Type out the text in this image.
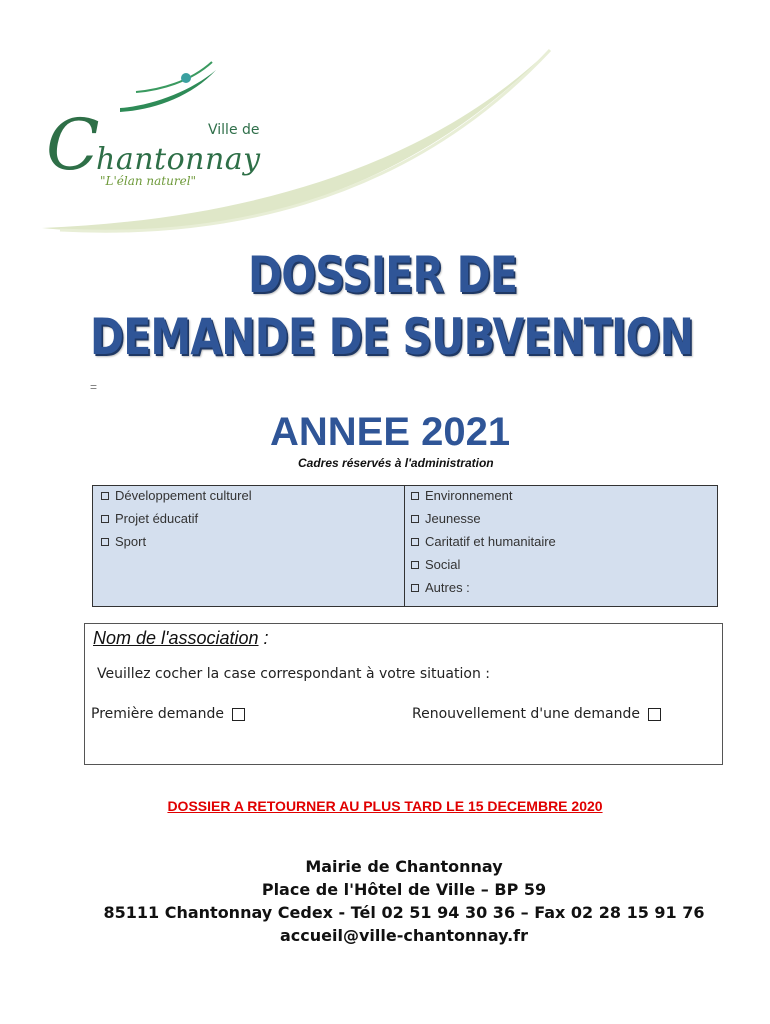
Ville de
C
hantonnay
"L'élan naturel"
DOSSIER DE
DEMANDE DE SUBVENTION
=
ANNEE 2021
Cadres réservés à l'administration
Développement culturel
Projet éducatif
Sport
Environnement
Jeunesse
Caritatif et humanitaire
Social
Autres :
Nom de l'association :
Veuillez cocher la case correspondant à votre situation :
Première demande	Renouvellement d'une demande
DOSSIER A RETOURNER AU PLUS TARD LE 15 DECEMBRE 2020
Mairie de Chantonnay
Place de l'Hôtel de Ville – BP 59
85111 Chantonnay Cedex - Tél 02 51 94 30 36 – Fax 02 28 15 91 76
accueil@ville-chantonnay.fr
